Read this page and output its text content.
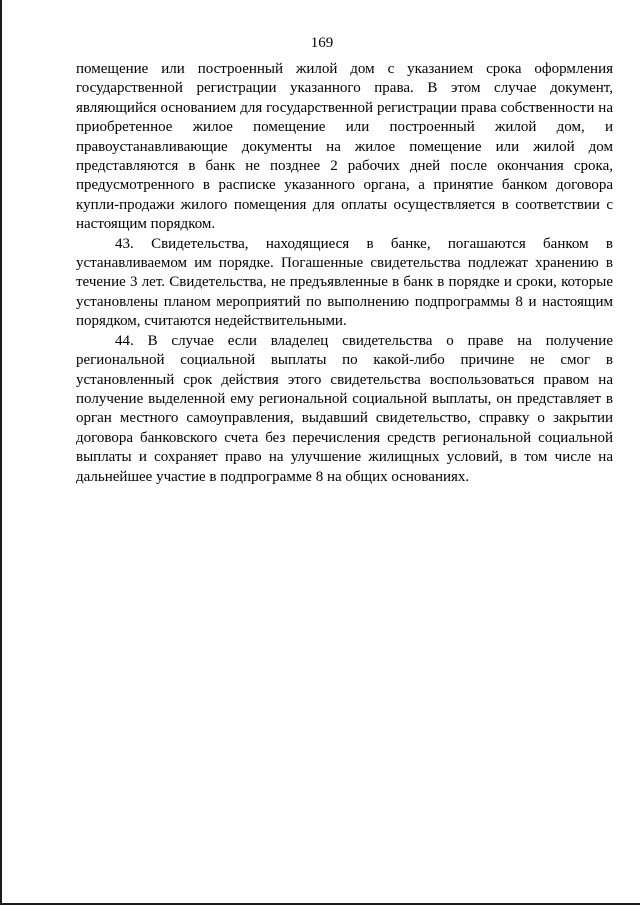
169

помещение или построенный жилой дом с указанием срока оформления государственной регистрации указанного права. В этом случае документ, являющийся основанием для государственной регистрации права собственности на приобретенное жилое помещение или построенный жилой дом, и правоустанавливающие документы на жилое помещение или жилой дом представляются в банк не позднее 2 рабочих дней после окончания срока, предусмотренного в расписке указанного органа, а принятие банком договора купли-продажи жилого помещения для оплаты осуществляется в соответствии с настоящим порядком.

43. Свидетельства, находящиеся в банке, погашаются банком в устанавливаемом им порядке. Погашенные свидетельства подлежат хранению в течение 3 лет. Свидетельства, не предъявленные в банк в порядке и сроки, которые установлены планом мероприятий по выполнению подпрограммы 8 и настоящим порядком, считаются недействительными.

44. В случае если владелец свидетельства о праве на получение региональной социальной выплаты по какой-либо причине не смог в установленный срок действия этого свидетельства воспользоваться правом на получение выделенной ему региональной социальной выплаты, он представляет в орган местного самоуправления, выдавший свидетельство, справку о закрытии договора банковского счета без перечисления средств региональной социальной выплаты и сохраняет право на улучшение жилищных условий, в том числе на дальнейшее участие в подпрограмме 8 на общих основаниях.
